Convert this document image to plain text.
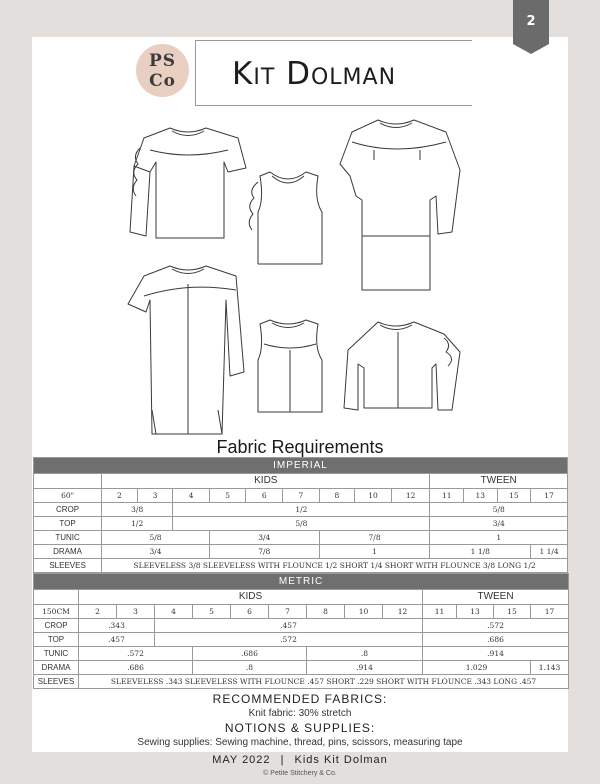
2
PS
Co	Kit Dolman
Fabric Requirements
IMPERIAL													
	KIDS									TWEEN			
60"	2	3	4	5	6	7	8	10	12	11	13	15	17
CROP	3/8		1/2							5/8			
TOP	1/2		5/8							3/4			
TUNIC	5/8			3/4			7/8			1			
DRAMA	3/4			7/8			1			1 1/8			1 1/4
SLEEVES	SLEEVELESS 3/8 SLEEVELESS WITH FLOUNCE 1/2 SHORT 1/4 SHORT WITH FLOUNCE 3/8 LONG 1/2												
METRIC													
	KIDS									TWEEN			
150CM	2	3	4	5	6	7	8	10	12	11	13	15	17
CROP	.343		.457							.572			
TOP	.457		.572							.686			
TUNIC	.572			.686			.8			.914			
DRAMA	.686			.8			.914			1.029			1.143
SLEEVES	SLEEVELESS .343 SLEEVELESS WITH FLOUNCE .457 SHORT .229 SHORT WITH FLOUNCE .343 LONG .457												
RECOMMENDED FABRICS:
Knit fabric: 30% stretch
NOTIONS & SUPPLIES:
Sewing supplies: Sewing machine, thread, pins, scissors, measuring tape
MAY 2022 | Kids Kit Dolman
© Petite Stitchery & Co.
